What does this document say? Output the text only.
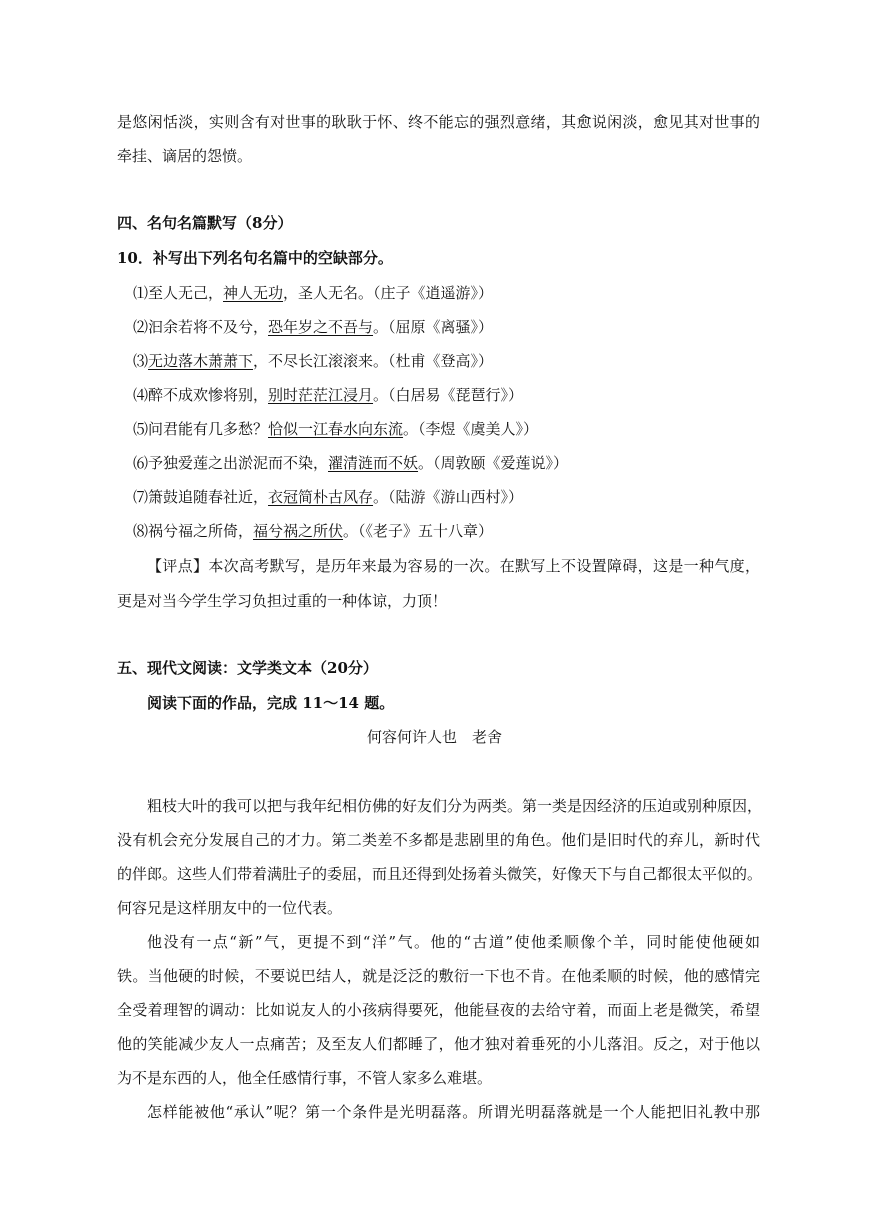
是悠闲恬淡，实则含有对世事的耿耿于怀、终不能忘的强烈意绪，其愈说闲淡，愈见其对世事的
牵挂、谪居的怨愤。
四、名句名篇默写（8分）
10．补写出下列名句名篇中的空缺部分。
⑴至人无己，神人无功，圣人无名。（庄子《逍遥游》）
⑵汩余若将不及兮，恐年岁之不吾与。（屈原《离骚》）
⑶无边落木萧萧下，不尽长江滚滚来。（杜甫《登高》）
⑷醉不成欢惨将别，别时茫茫江浸月。（白居易《琵琶行》）
⑸问君能有几多愁？恰似一江春水向东流。（李煜《虞美人》）
⑹予独爱莲之出淤泥而不染，濯清涟而不妖。（周敦颐《爱莲说》）
⑺箫鼓追随春社近，衣冠简朴古风存。（陆游《游山西村》）
⑻祸兮福之所倚，福兮祸之所伏。（《老子》五十八章）
【评点】本次高考默写，是历年来最为容易的一次。在默写上不设置障碍，这是一种气度，
更是对当今学生学习负担过重的一种体谅，力顶！
五、现代文阅读：文学类文本（20分）
阅读下面的作品，完成 11～14 题。
何容何许人也　老舍
粗枝大叶的我可以把与我年纪相仿佛的好友们分为两类。第一类是因经济的压迫或别种原因，
没有机会充分发展自己的才力。第二类差不多都是悲剧里的角色。他们是旧时代的弃儿，新时代
的伴郎。这些人们带着满肚子的委屈，而且还得到处扬着头微笑，好像天下与自己都很太平似的。
何容兄是这样朋友中的一位代表。
他没有一点“新”气，更提不到“洋”气。他的“古道”使他柔顺像个羊，同时能使他硬如
铁。当他硬的时候，不要说巴结人，就是泛泛的敷衍一下也不肯。在他柔顺的时候，他的感情完
全受着理智的调动：比如说友人的小孩病得要死，他能昼夜的去给守着，而面上老是微笑，希望
他的笑能减少友人一点痛苦；及至友人们都睡了，他才独对着垂死的小儿落泪。反之，对于他以
为不是东西的人，他全任感情行事，不管人家多么难堪。
怎样能被他“承认”呢？第一个条件是光明磊落。所谓光明磊落就是一个人能把旧礼教中那
